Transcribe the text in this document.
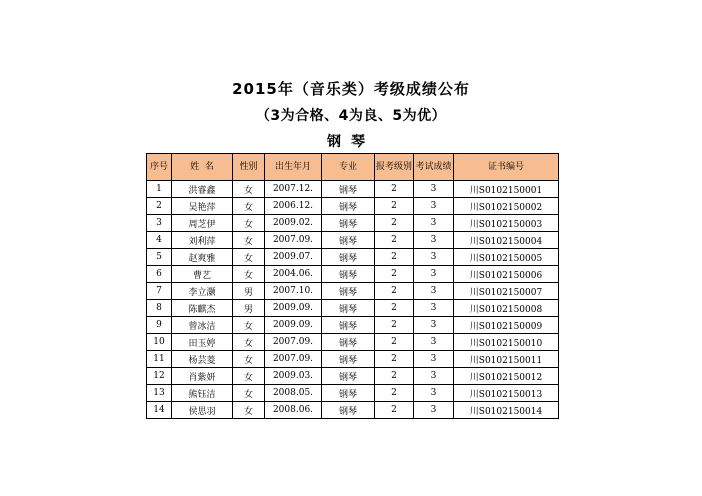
2015年（音乐类）考级成绩公布
（3为合格、4为良、5为优）
钢琴
序号	姓  名	性别	出生年月	专业	报考级别	考试成绩	证书编号
1	洪睿鑫	女	2007.12.	钢琴	2	3	川S0102150001
2	吴艳萍	女	2006.12.	钢琴	2	3	川S0102150002
3	周芝伊	女	2009.02.	钢琴	2	3	川S0102150003
4	刘利萍	女	2007.09.	钢琴	2	3	川S0102150004
5	赵爽雅	女	2009.07.	钢琴	2	3	川S0102150005
6	曹艺	女	2004.06.	钢琴	2	3	川S0102150006
7	李立灏	男	2007.10.	钢琴	2	3	川S0102150007
8	陈麒杰	男	2009.09.	钢琴	2	3	川S0102150008
9	曾冰洁	女	2009.09.	钢琴	2	3	川S0102150009
10	田玉婷	女	2007.09.	钢琴	2	3	川S0102150010
11	杨芸菱	女	2007.09.	钢琴	2	3	川S0102150011
12	肖紫妍	女	2009.03.	钢琴	2	3	川S0102150012
13	熊钰洁	女	2008.05.	钢琴	2	3	川S0102150013
14	侯思羽	女	2008.06.	钢琴	2	3	川S0102150014
